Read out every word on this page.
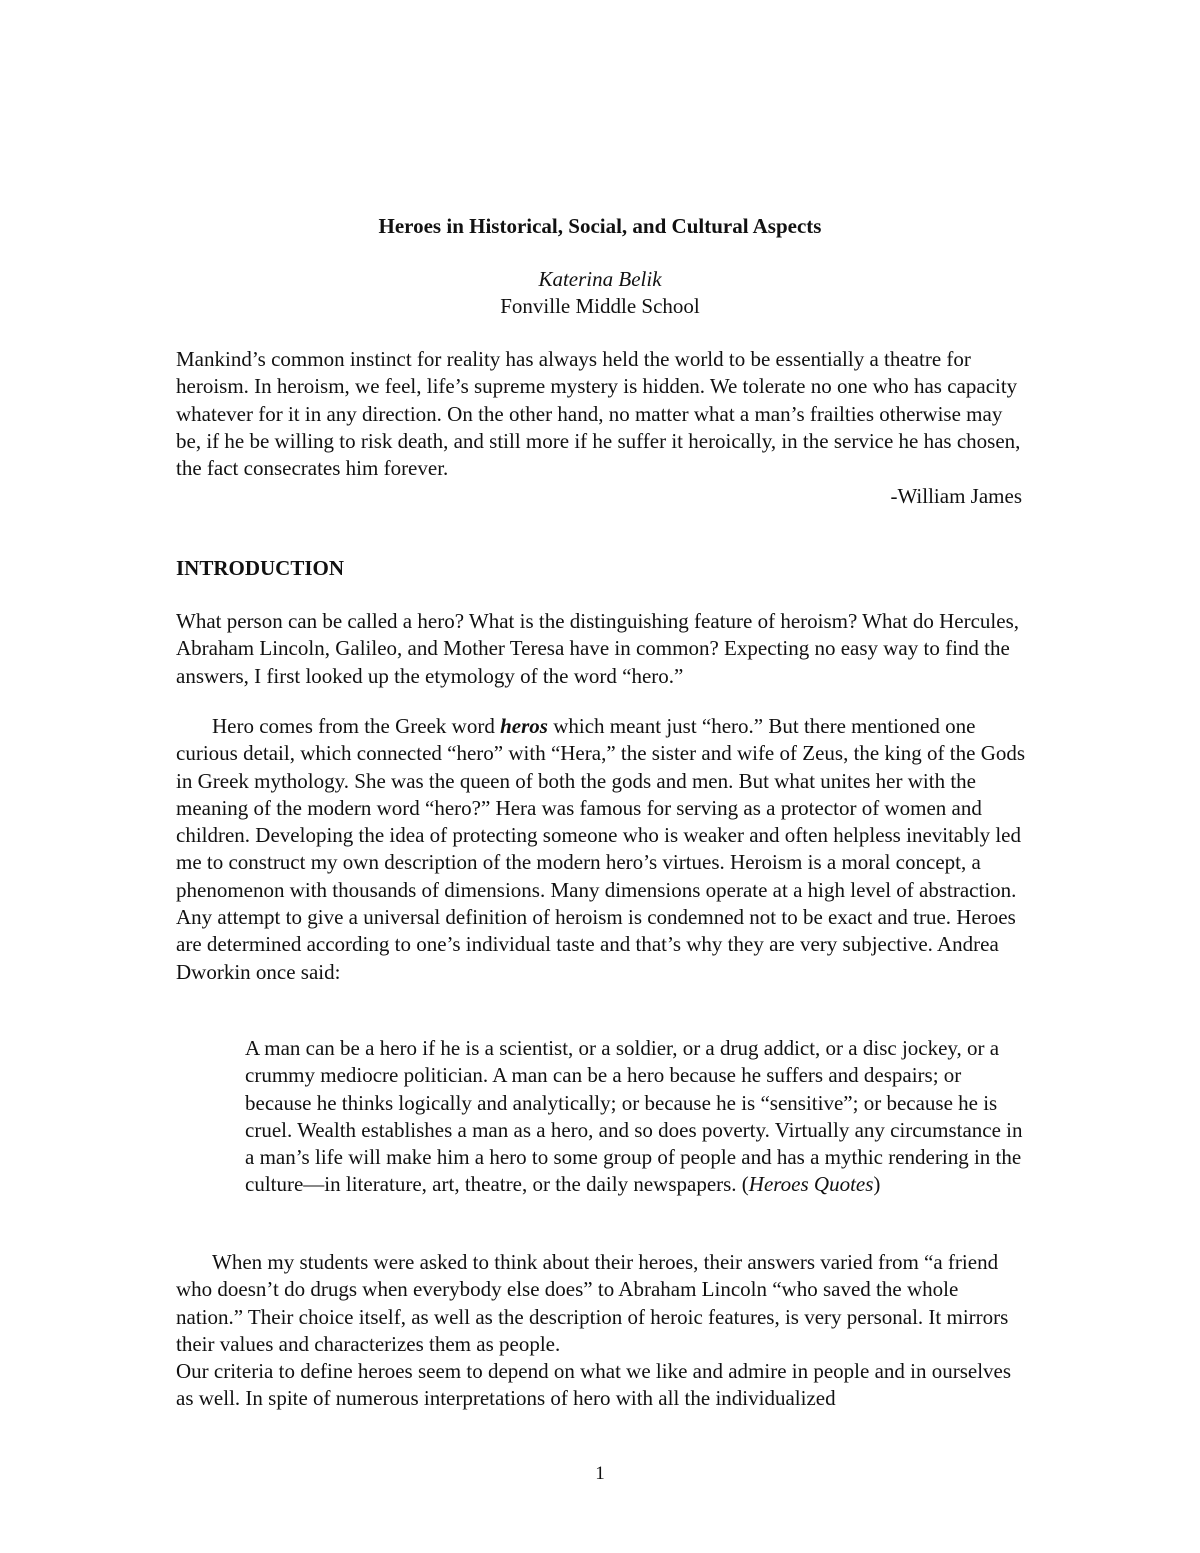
Heroes in Historical, Social, and Cultural Aspects
Katerina Belik
Fonville Middle School

Mankind’s common instinct for reality has always held the world to be essentially a theatre for heroism. In heroism, we feel, life’s supreme mystery is hidden. We tolerate no one who has capacity whatever for it in any direction. On the other hand, no matter what a man’s frailties otherwise may be, if he be willing to risk death, and still more if he suffer it heroically, in the service he has chosen, the fact consecrates him forever.

-William James
INTRODUCTION

What person can be called a hero? What is the distinguishing feature of heroism? What do Hercules, Abraham Lincoln, Galileo, and Mother Teresa have in common? Expecting no easy way to find the answers, I first looked up the etymology of the word “hero.”

Hero comes from the Greek word heros which meant just “hero.” But there mentioned one curious detail, which connected “hero” with “Hera,” the sister and wife of Zeus, the king of the Gods in Greek mythology. She was the queen of both the gods and men. But what unites her with the meaning of the modern word “hero?” Hera was famous for serving as a protector of women and children. Developing the idea of protecting someone who is weaker and often helpless inevitably led me to construct my own description of the modern hero’s virtues. Heroism is a moral concept, a phenomenon with thousands of dimensions. Many dimensions operate at a high level of abstraction. Any attempt to give a universal definition of heroism is condemned not to be exact and true. Heroes are determined according to one’s individual taste and that’s why they are very subjective. Andrea Dworkin once said:

A man can be a hero if he is a scientist, or a soldier, or a drug addict, or a disc jockey, or a crummy mediocre politician. A man can be a hero because he suffers and despairs; or because he thinks logically and analytically; or because he is “sensitive”; or because he is cruel. Wealth establishes a man as a hero, and so does poverty. Virtually any circumstance in a man’s life will make him a hero to some group of people and has a mythic rendering in the culture—in literature, art, theatre, or the daily newspapers. (Heroes Quotes)

When my students were asked to think about their heroes, their answers varied from “a friend who doesn’t do drugs when everybody else does” to Abraham Lincoln “who saved the whole nation.” Their choice itself, as well as the description of heroic features, is very personal. It mirrors their values and characterizes them as people.

Our criteria to define heroes seem to depend on what we like and admire in people and in ourselves as well. In spite of numerous interpretations of hero with all the individualized

1
